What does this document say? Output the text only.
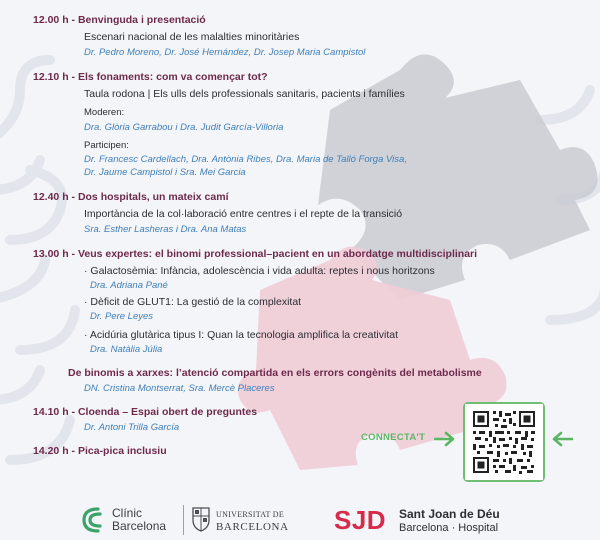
12.00 h - Benvinguda i presentació
Escenari nacional de les malalties minoritàries
Dr. Pedro Moreno, Dr. José Hernández, Dr. Josep Maria Campistol
12.10 h - Els fonaments: com va començar tot?
Taula rodona | Els ulls dels professionals sanitaris, pacients i famílies
Moderen:
Dra. Glòria Garrabou i Dra. Judit García-Villoria
Participen:
Dr. Francesc Cardellach, Dra. Antònia Ribes, Dra. Maria de Talló Forga Visa,
Dr. Jaume Campistol i Sra. Mei Garcia
12.40 h - Dos hospitals, un mateix camí
Importància de la col·laboració entre centres i el repte de la transició
Sra. Esther Lasheras i Dra. Ana Matas
13.00 h - Veus expertes: el binomi professional–pacient en un abordatge multidisciplinari
· Galactosèmia: Infància, adolescència i vida adulta: reptes i nous horitzons
Dra. Adriana Pané
· Dèficit de GLUT1: La gestió de la complexitat
Dr. Pere Leyes
· Acidúria glutàrica tipus I: Quan la tecnologia amplifica la creativitat
Dra. Natàlia Júlia
De binomis a xarxes: l’atenció compartida en els errors congènits del metabolisme
DN. Cristina Montserrat, Sra. Mercè Placeres
14.10 h - Cloenda – Espai obert de preguntes
Dr. Antoni Trilla García
14.20 h - Pica-pica inclusiu
CONNECTA'T
Clínic
Barcelona
UNIVERSITAT DE
BARCELONA SJD Sant Joan de Déu
Barcelona · Hospital
